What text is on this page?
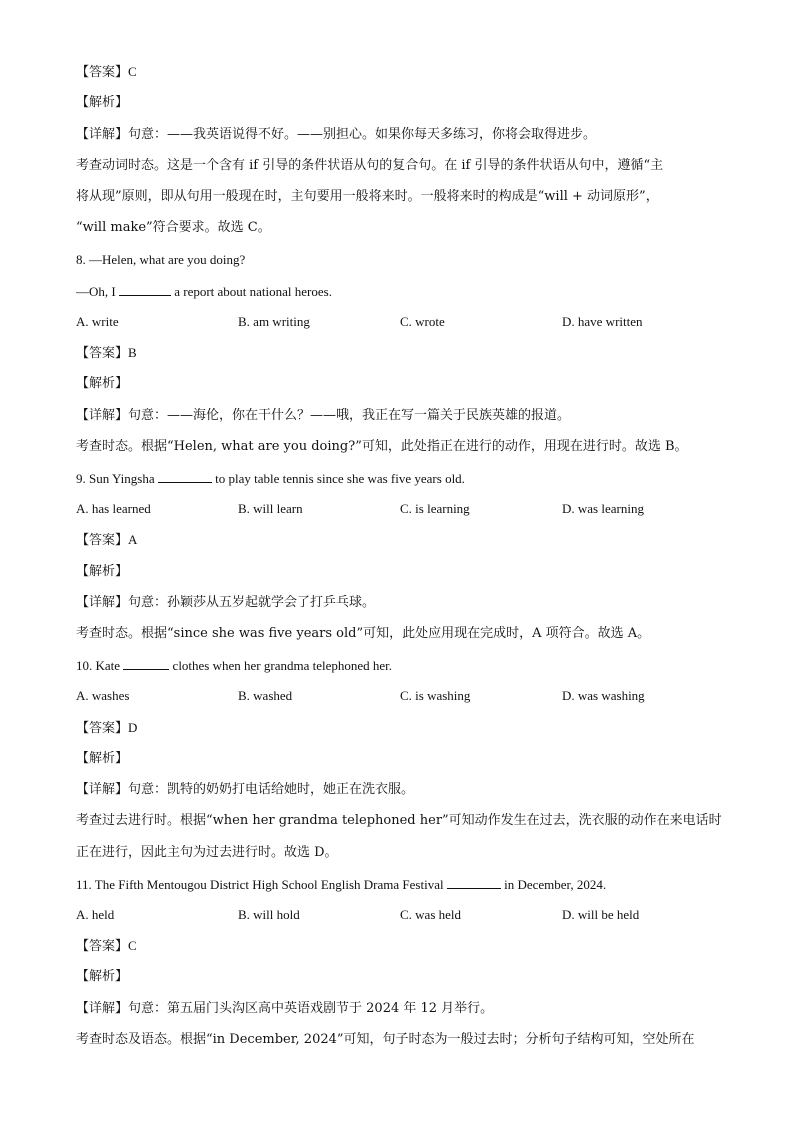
【答案】C
【解析】
【详解】句意：——我英语说得不好。——别担心。如果你每天多练习，你将会取得进步。
考查动词时态。这是一个含有 if 引导的条件状语从句的复合句。在 if 引导的条件状语从句中，遵循“主
将从现”原则，即从句用一般现在时，主句要用一般将来时。一般将来时的构成是“will + 动词原形”，
“will make”符合要求。故选 C。
8. —Helen, what are you doing?
—Oh, I	a report about national heroes.
A. write	B. am writing	C. wrote	D. have written
【答案】B
【解析】
【详解】句意：——海伦，你在干什么？——哦，我正在写一篇关于民族英雄的报道。
考查时态。根据“Helen, what are you doing?”可知，此处指正在进行的动作，用现在进行时。故选 B。
9. Sun Yingsha	to play table tennis since she was five years old.
A. has learned	B. will learn	C. is learning	D. was learning
【答案】A
【解析】
【详解】句意：孙颖莎从五岁起就学会了打乒乓球。
考查时态。根据“since she was five years old”可知，此处应用现在完成时，A 项符合。故选 A。
10. Kate	clothes when her grandma telephoned her.
A. washes	B. washed	C. is washing	D. was washing
【答案】D
【解析】
【详解】句意：凯特的奶奶打电话给她时，她正在洗衣服。
考查过去进行时。根据“when her grandma telephoned her”可知动作发生在过去，洗衣服的动作在来电话时
正在进行，因此主句为过去进行时。故选 D。
11. The Fifth Mentougou District High School English Drama Festival	in December, 2024.
A. held	B. will hold	C. was held	D. will be held
【答案】C
【解析】
【详解】句意：第五届门头沟区高中英语戏剧节于 2024 年 12 月举行。
考查时态及语态。根据“in December, 2024”可知，句子时态为一般过去时；分析句子结构可知，空处所在
